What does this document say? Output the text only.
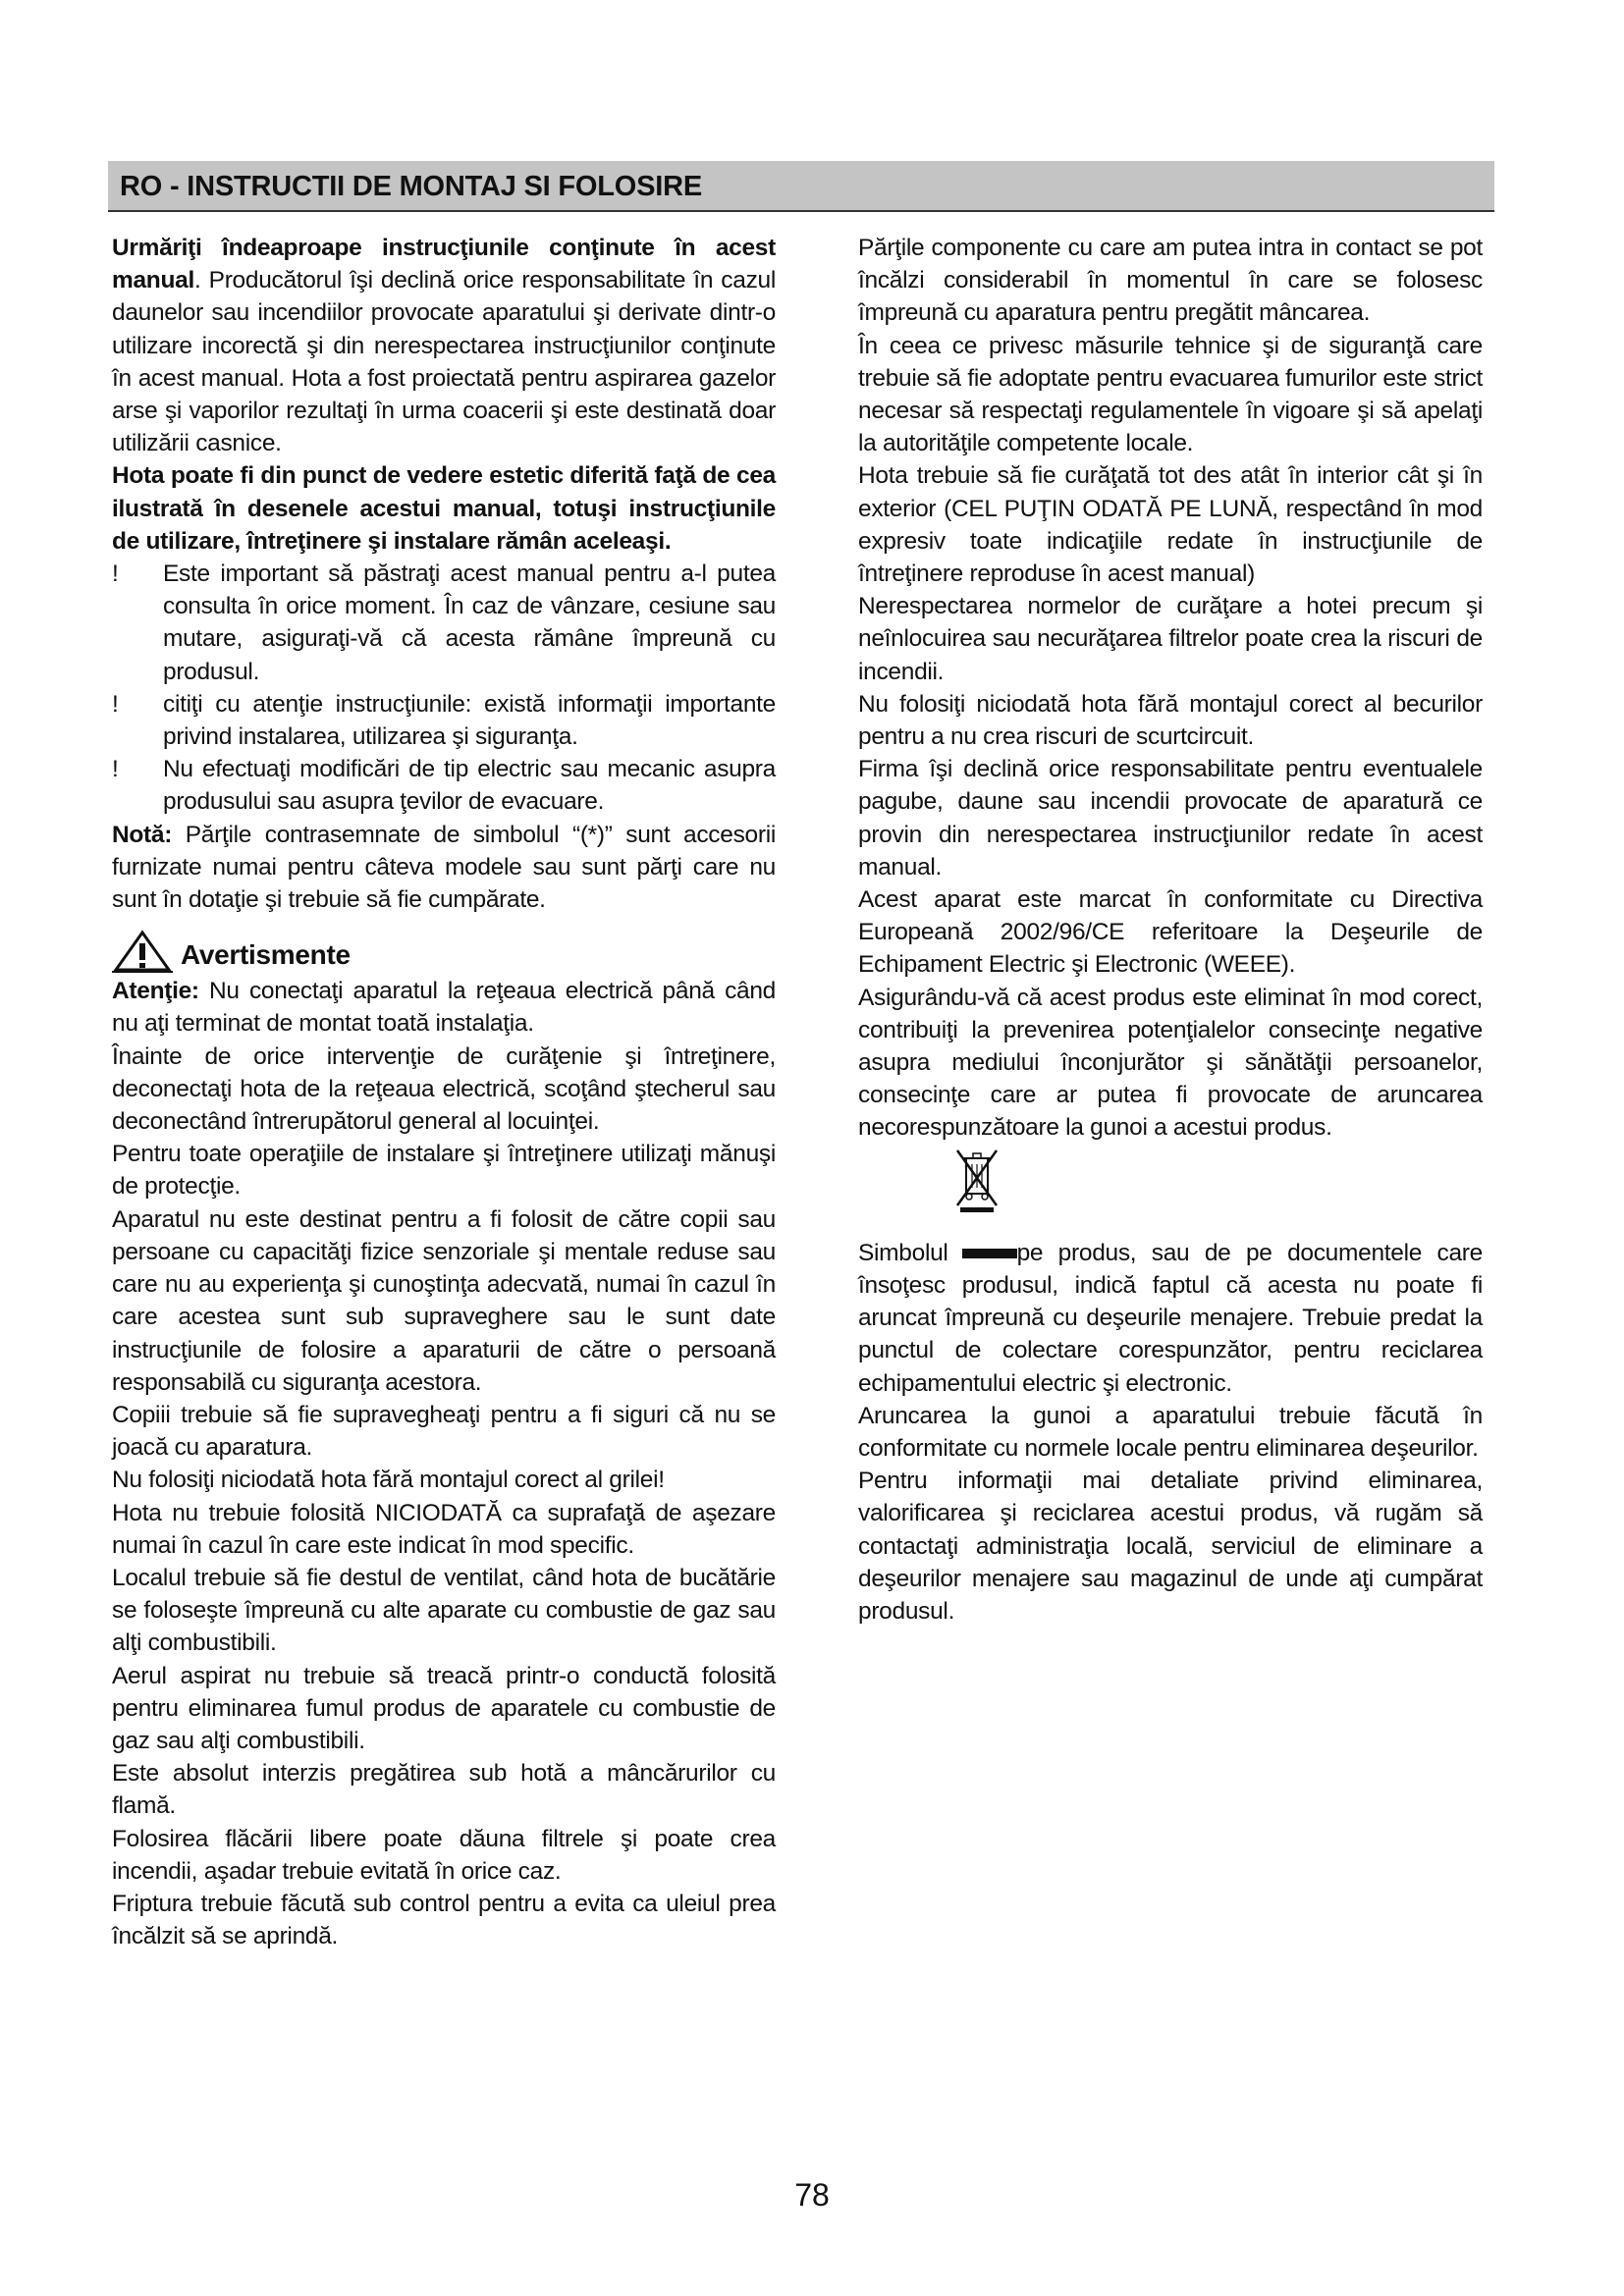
RO - INSTRUCTII DE MONTAJ SI FOLOSIRE

Urmăriţi îndeaproape instrucţiunile conţinute în acest manual. Producătorul îşi declină orice responsabilitate în cazul daunelor sau incendiilor provocate aparatului şi derivate dintr-o utilizare incorectă şi din nerespectarea instrucţiunilor conţinute în acest manual. Hota a fost proiectată pentru aspirarea gazelor arse şi vaporilor rezultaţi în urma coacerii şi este destinată doar utilizării casnice.

Hota poate fi din punct de vedere estetic diferită faţă de cea ilustrată în desenele acestui manual, totuşi instrucţiunile de utilizare, întreţinere şi instalare rămân aceleaşi.

!	Este important să păstraţi acest manual pentru a-l putea consulta în orice moment. În caz de vânzare, cesiune sau mutare, asiguraţi-vă că acesta rămâne împreună cu produsul.
!	citiţi cu atenţie instrucţiunile: există informaţii importante privind instalarea, utilizarea şi siguranţa.
!	Nu efectuaţi modificări de tip electric sau mecanic asupra produsului sau asupra ţevilor de evacuare.

Notă: Părţile contrasemnate de simbolul “(*)” sunt accesorii furnizate numai pentru câteva modele sau sunt părţi care nu sunt în dotaţie şi trebuie să fie cumpărate.

Avertismente

Atenţie: Nu conectaţi aparatul la reţeaua electrică până când nu aţi terminat de montat toată instalaţia.

Înainte de orice intervenţie de curăţenie şi întreţinere, deconectaţi hota de la reţeaua electrică, scoţând ştecherul sau deconectând întrerupătorul general al locuinţei.

Pentru toate operaţiile de instalare şi întreţinere utilizaţi mănuşi de protecţie.

Aparatul nu este destinat pentru a fi folosit de către copii sau persoane cu capacităţi fizice senzoriale şi mentale reduse sau care nu au experienţa şi cunoştinţa adecvată, numai în cazul în care acestea sunt sub supraveghere sau le sunt date instrucţiunile de folosire a aparaturii de către o persoană responsabilă cu siguranţa acestora.

Copiii trebuie să fie supravegheaţi pentru a fi siguri că nu se joacă cu aparatura.

Nu folosiţi niciodată hota fără montajul corect al grilei!

Hota nu trebuie folosită NICIODATĂ ca suprafaţă de aşezare numai în cazul în care este indicat în mod specific.

Localul trebuie să fie destul de ventilat, când hota de bucătărie se foloseşte împreună cu alte aparate cu combustie de gaz sau alţi combustibili.

Aerul aspirat nu trebuie să treacă printr-o conductă folosită pentru eliminarea fumul produs de aparatele cu combustie de gaz sau alţi combustibili.

Este absolut interzis pregătirea sub hotă a mâncărurilor cu flamă.

Folosirea flăcării libere poate dăuna filtrele şi poate crea incendii, aşadar trebuie evitată în orice caz.

Friptura trebuie făcută sub control pentru a evita ca uleiul prea încălzit să se aprindă.

Părţile componente cu care am putea intra in contact se pot încălzi considerabil în momentul în care se folosesc împreună cu aparatura pentru pregătit mâncarea.

În ceea ce privesc măsurile tehnice şi de siguranţă care trebuie să fie adoptate pentru evacuarea fumurilor este strict necesar să respectaţi regulamentele în vigoare şi să apelaţi la autorităţile competente locale.

Hota trebuie să fie curăţată tot des atât în interior cât şi în exterior (CEL PUŢIN ODATĂ PE LUNĂ, respectând în mod expresiv toate indicaţiile redate în instrucţiunile de întreţinere reproduse în acest manual)

Nerespectarea normelor de curăţare a hotei precum şi neînlocuirea sau necurăţarea filtrelor poate crea la riscuri de incendii.

Nu folosiţi niciodată hota fără montajul corect al becurilor pentru a nu crea riscuri de scurtcircuit.

Firma îşi declină orice responsabilitate pentru eventualele pagube, daune sau incendii provocate de aparatură ce provin din nerespectarea instrucţiunilor redate în acest manual.

Acest aparat este marcat în conformitate cu Directiva Europeană 2002/96/CE referitoare la Deşeurile de Echipament Electric şi Electronic (WEEE).

Asigurându-vă că acest produs este eliminat în mod corect, contribuiţi la prevenirea potenţialelor consecinţe negative asupra mediului înconjurător şi sănătăţii persoanelor, consecinţe care ar putea fi provocate de aruncarea necorespunzătoare la gunoi a acestui produs.

Simbolul	pe produs, sau de pe documentele care însoţesc produsul, indică faptul că acesta nu poate fi aruncat împreună cu deşeurile menajere. Trebuie predat la punctul de colectare corespunzător, pentru reciclarea echipamentului electric şi electronic.

Aruncarea la gunoi a aparatului trebuie făcută în conformitate cu normele locale pentru eliminarea deşeurilor.

Pentru informaţii mai detaliate privind eliminarea, valorificarea şi reciclarea acestui produs, vă rugăm să contactaţi administraţia locală, serviciul de eliminare a deşeurilor menajere sau magazinul de unde aţi cumpărat produsul.

78
